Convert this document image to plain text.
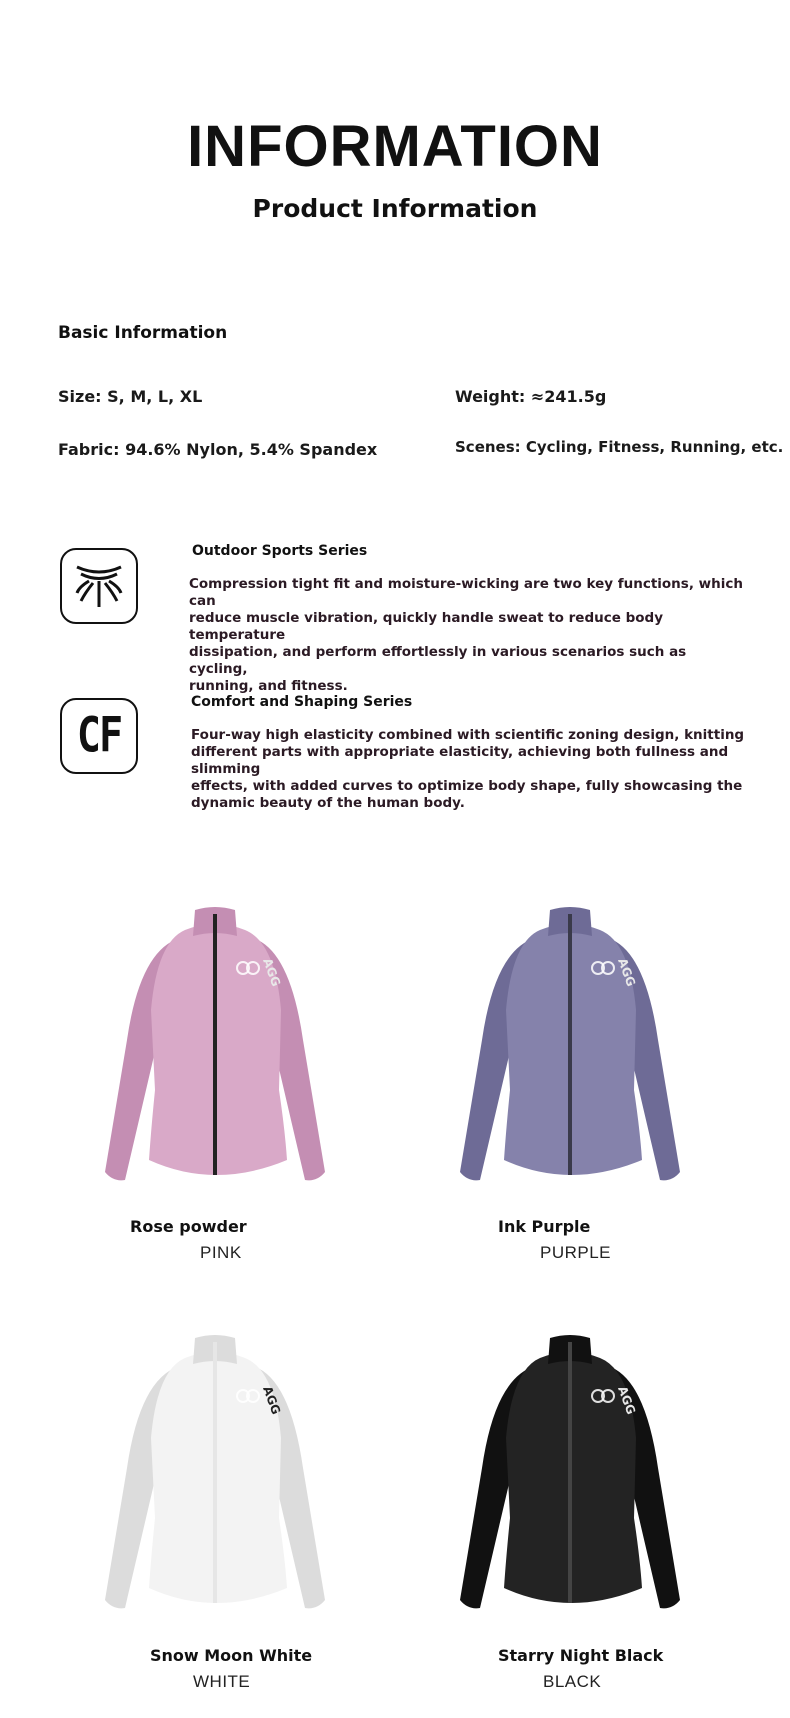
INFORMATION
Product Information
Basic Information
Size: S, M, L, XL	Weight: ≈241.5g
Fabric: 94.6% Nylon, 5.4% Spandex	Scenes: Cycling, Fitness, Running, etc.
Outdoor Sports Series
Compression tight fit and moisture-wicking are two key functions, which can
reduce muscle vibration, quickly handle sweat to reduce body temperature
dissipation, and perform effortlessly in various scenarios such as cycling,
running, and fitness.
CF
Comfort and Shaping Series
Four-way high elasticity combined with scientific zoning design, knitting
different parts with appropriate elasticity, achieving both fullness and slimming
effects, with added curves to optimize body shape, fully showcasing the
dynamic beauty of the human body.
AGG
Rose powder
PINK
AGG
Ink Purple
PURPLE
AGG
Snow Moon White
WHITE
AGG
Starry Night Black
BLACK
